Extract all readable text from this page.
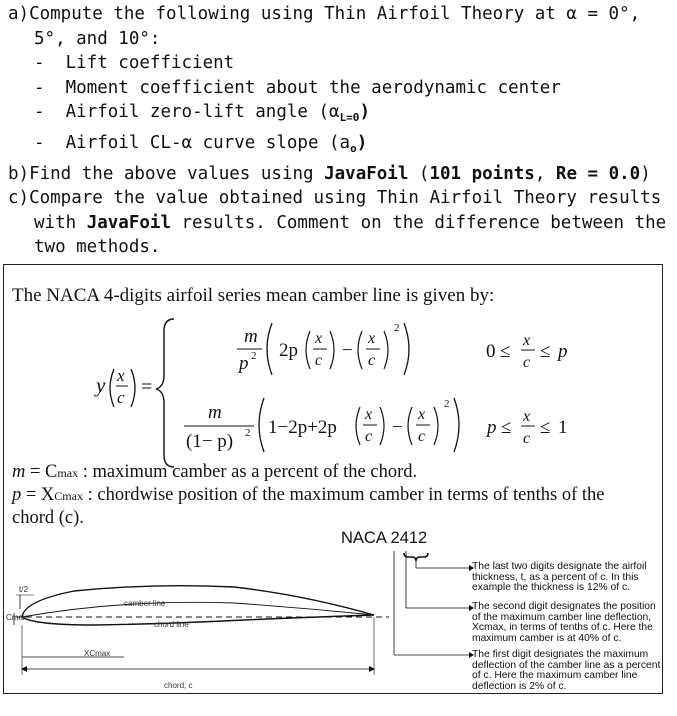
a)Compute the following using Thin Airfoil Theory at α = 0°,
5°, and 10°:
- Lift coefficient
- Moment coefficient about the aerodynamic center
- Airfoil zero-lift angle $(\alpha_{L=0})$
- Airfoil CL-α curve slope $(a_o)$
b)Find the above values using JavaFoil (101 points, Re = 0.0)
c)Compare the value obtained using Thin Airfoil Theory results
with JavaFoil results. Comment on the difference between the
two methods.
The NACA 4-digits airfoil series mean camber line is given by:
y x
c =
m
p 2 2p
x
c −
x
c
2
0 ≤
x
c
≤ p
m
(1− p) 2 1−2p+2p
x
c −
x
c
2
p ≤
x
c
≤ 1
m = Cmax : maximum camber as a percent of the chord.
p = XCmax : chordwise position of the maximum camber in terms of tenths of the
chord (c).
NACA 2412
t/2
Cmax
camber line
chord line
XCmax
chord, c
The last two digits designate the airfoil thickness, t, as a percent of c. In this example the thickness is 12% of c.
The second digit designates the position of the maximum camber line deflection, Xcmax, in terms of tenths of c. Here the maximum camber is at 40% of c.
The first digit designates the maximum deflection of the camber line as a percent of c. Here the maximum camber line deflection is 2% of c.
